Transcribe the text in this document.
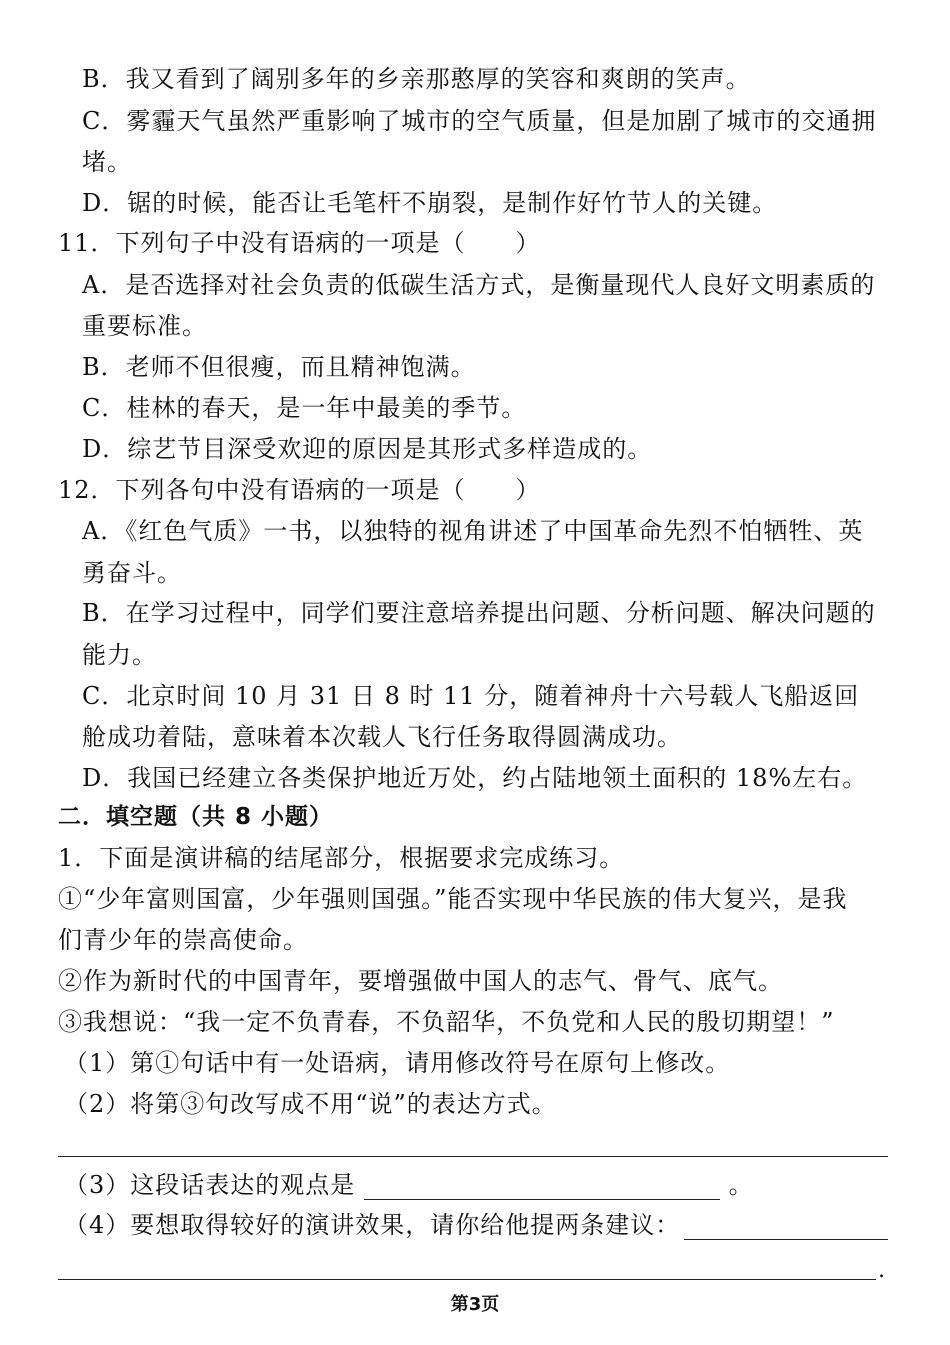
B．我又看到了阔别多年的乡亲那憨厚的笑容和爽朗的笑声。
C．雾霾天气虽然严重影响了城市的空气质量，但是加剧了城市的交通拥
堵。
D．锯的时候，能否让毛笔杆不崩裂，是制作好竹节人的关键。
11．下列句子中没有语病的一项是（　　）
A．是否选择对社会负责的低碳生活方式，是衡量现代人良好文明素质的
重要标准。
B．老师不但很瘦，而且精神饱满。
C．桂林的春天，是一年中最美的季节。
D．综艺节目深受欢迎的原因是其形式多样造成的。
12．下列各句中没有语病的一项是（　　）
A．《红色气质》一书，以独特的视角讲述了中国革命先烈不怕牺牲、英
勇奋斗。
B．在学习过程中，同学们要注意培养提出问题、分析问题、解决问题的
能力。
C．北京时间 10 月 31 日 8 时 11 分，随着神舟十六号载人飞船返回
舱成功着陆，意味着本次载人飞行任务取得圆满成功。
D．我国已经建立各类保护地近万处，约占陆地领土面积的 18%左右。
二．填空题（共 8 小题）
1．下面是演讲稿的结尾部分，根据要求完成练习。
①“少年富则国富，少年强则国强。”能否实现中华民族的伟大复兴，是我
们青少年的崇高使命。
②作为新时代的中国青年，要增强做中国人的志气、骨气、底气。
③我想说：“我一定不负青春，不负韶华，不负党和人民的殷切期望！”
（1）第①句话中有一处语病，请用修改符号在原句上修改。
（2）将第③句改写成不用“说”的表达方式。
（3）这段话表达的观点是	。
（4）要想取得较好的演讲效果，请你给他提两条建议：
.
第3页
